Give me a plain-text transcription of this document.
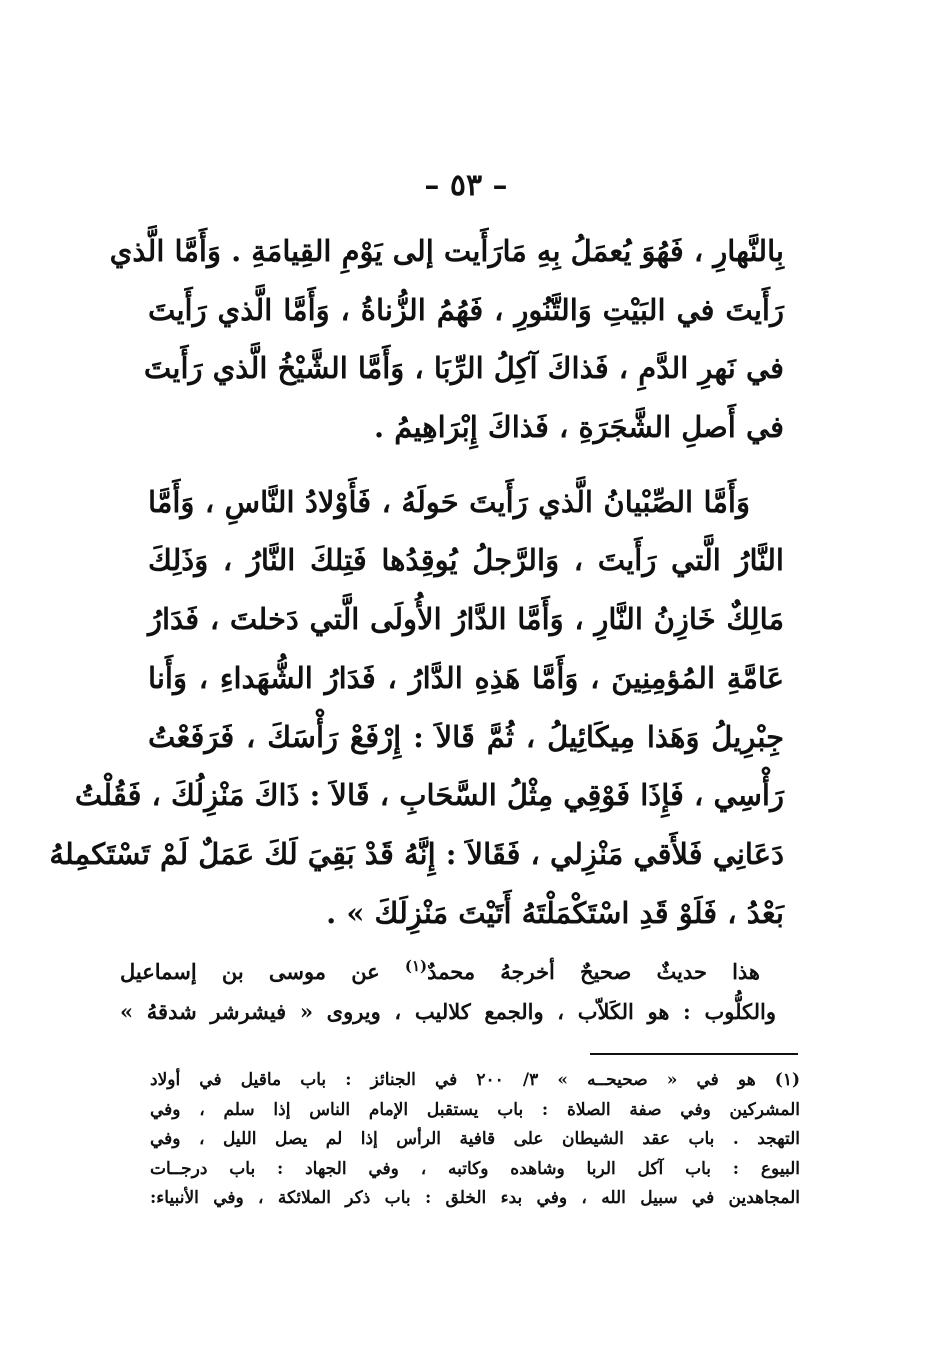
– ٥٣ –
بِالنَّهارِ ، فَهُوَ يُعمَلُ بِهِ مَارَأَيت إلى يَوْمِ القِيامَةِ . وَأَمَّا الَّذي
رَأَيتَ في البَيْتِ وَالتَّنُورِ ، فَهُمُ الزُّناةُ ، وَأَمَّا الَّذي رَأَيتَ
في نَهرِ الدَّمِ ، فَذاكَ آكِلُ الرِّبَا ، وَأَمَّا الشَّيْخُ الَّذي رَأَيتَ
في أَصلِ الشَّجَرَةِ ، فَذاكَ إِبْرَاهِيمُ .
وَأَمَّا الصِّبْيانُ الَّذي رَأَيتَ حَولَهُ ، فَأَوْلادُ النَّاسِ ، وَأَمَّا
النَّارُ الَّتي رَأَيتَ ، وَالرَّجلُ يُوقِدُها فَتِلكَ النَّارُ ، وَذَلِكَ
مَالِكٌ خَازِنُ النَّارِ ، وَأَمَّا الدَّارُ الأُولَى الَّتي دَخلتَ ، فَدَارُ
عَامَّةِ المُؤمِنِينَ ، وَأَمَّا هَذِهِ الدَّارُ ، فَدَارُ الشُّهَداءِ ، وَأَنا
جِبْرِيلُ وَهَذا مِيكَائِيلُ ، ثُمَّ قَالاَ : إِرْفَعْ رَأْسَكَ ، فَرَفَعْتُ
رَأْسِي ، فَإِذَا فَوْقِي مِثْلُ السَّحَابِ ، قَالاَ : ذَاكَ مَنْزِلُكَ ، فَقُلْتُ
دَعَانِي فَلأَقي مَنْزِلي ، فَقَالاَ : إِنَّهُ قَدْ بَقِيَ لَكَ عَمَلٌ لَمْ تَسْتَكمِلهُ
بَعْدُ ، فَلَوْ قَدِ اسْتَكْمَلْتَهُ أَتَيْتَ مَنْزِلَكَ » .
هذا حديثٌ صحيحٌ أخرجهُ محمدٌ$^{(١)}$ عن موسى بن إسماعيل
والكلُّوب : هو الكَلاّب ، والجمع كلاليب ، ويروى « فيشرشر شدقهُ »
(١) هو في « صحيحــه » ٣/ ٢٠٠ في الجنائز : باب ماقيل في أولاد
المشركين وفي صفة الصلاة : باب يستقبل الإمام الناس إذا سلم ، وفي
التهجد . باب عقد الشيطان على قافية الرأس إذا لم يصل الليل ، وفي
البيوع : باب آكل الربا وشاهده وكاتبه ، وفي الجهاد : باب درجــات
المجاهدين في سبيل الله ، وفي بدء الخلق : باب ذكر الملائكة ، وفي الأنبياء:
